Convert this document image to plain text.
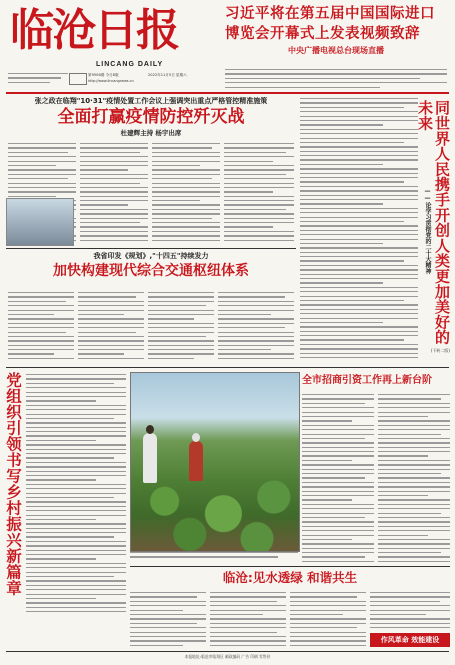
临沧日报
LINCANG DAILY
第9506期 今日8版	2022年11月5日 星期六
http://www.lincangnews.cn
习近平将在第五届中国国际进口博览会开幕式上发表视频致辞
中央广播电视总台现场直播
张之政在临翔"10·31"疫情处置工作会议上强调突出重点严格管控精准施策
全面打赢疫情防控歼灭战
杜建辉主持 杨宇出席	同世界人民携手开创人类更加美好的未来
——论学习贯彻党的二十大精神
(下转二版)
我省印发《规划》,"十四五"持续发力
加快构建现代综合交通枢纽体系
党组织引领书写乡村振兴新篇章	全市招商引资工作再上新台阶
临沧:见水透绿 和谐共生
作风革命 效能建设
本报地址:临沧市临翔区 邮政编码 广告 印刷 零售价
